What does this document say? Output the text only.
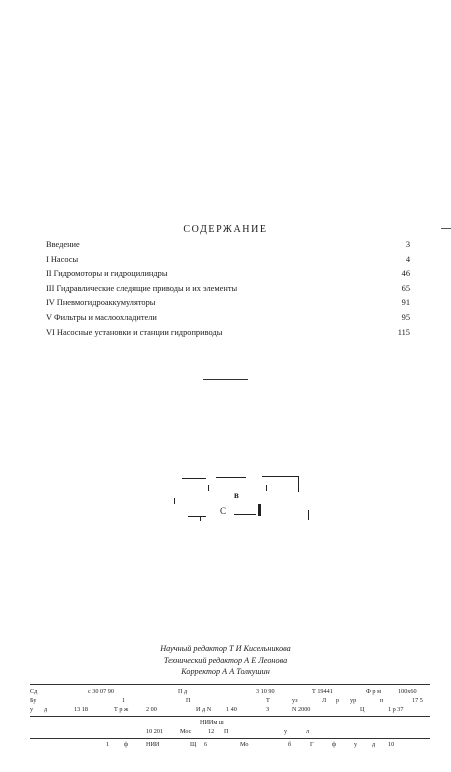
СОДЕРЖАНИЕ
Введение	3
I Насосы	4
II Гидромоторы и гидроцилиндры	46
III Гидравлические следящие приводы и их элементы	65
IV Пневмогидроаккумуляторы	91
V Фильтры и маслоохладители	95
VI Насосные установки и станции гидроприводы	115
в
С
Научный редактор Т И Кисельникова
Технический редактор А Е Леонова
Корректор А А Толкушин
Сд	с 30 07 90	П д	3 10 90	Т 19441	Ф р м	100х60
Бу	1	П	Т	уз	Л р ур	п	17 5
у д	13 18	Т р ж	2 00	И д N 1 40	З	N 2000	Ц	1 р 37
НИИм ш
10 201	Мос	12 П	у	л
1 ф	НИИ	Щ 6	Мо	б	Г	ф	у д 10
